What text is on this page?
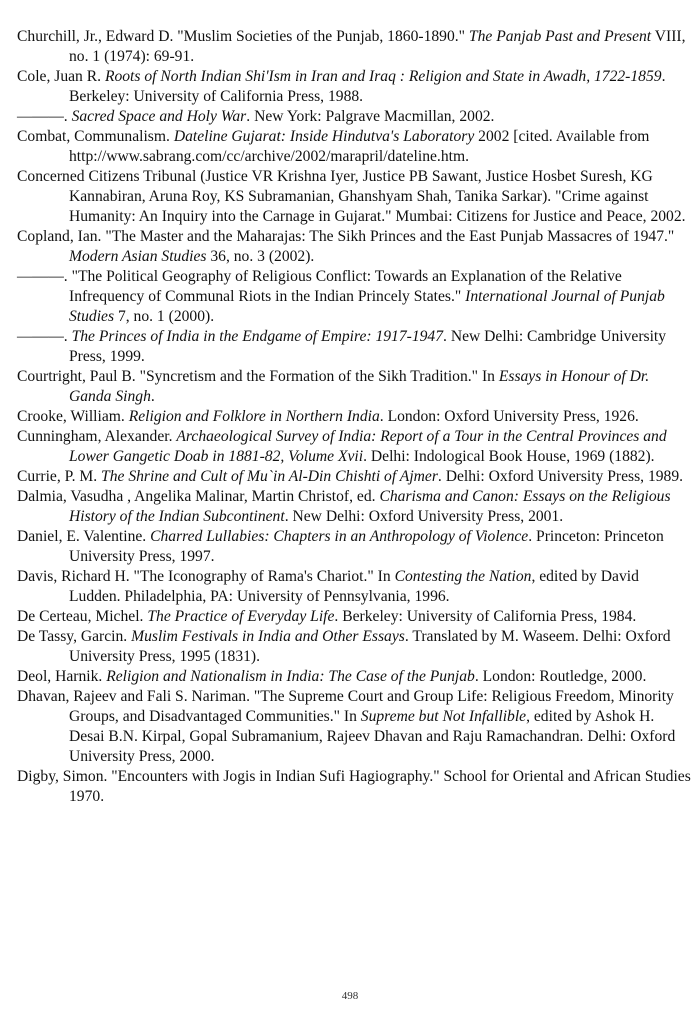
Churchill, Jr., Edward D. "Muslim Societies of the Punjab, 1860-1890." The Panjab Past and Present VIII, no. 1 (1974): 69-91.
Cole, Juan R. Roots of North Indian Shi'Ism in Iran and Iraq : Religion and State in Awadh, 1722-1859. Berkeley: University of California Press, 1988.
———. Sacred Space and Holy War. New York: Palgrave Macmillan, 2002.
Combat, Communalism. Dateline Gujarat: Inside Hindutva's Laboratory 2002 [cited. Available from http://www.sabrang.com/cc/archive/2002/marapril/dateline.htm.
Concerned Citizens Tribunal (Justice VR Krishna Iyer, Justice PB Sawant, Justice Hosbet Suresh, KG Kannabiran, Aruna Roy, KS Subramanian, Ghanshyam Shah, Tanika Sarkar). "Crime against Humanity: An Inquiry into the Carnage in Gujarat." Mumbai: Citizens for Justice and Peace, 2002.
Copland, Ian. "The Master and the Maharajas: The Sikh Princes and the East Punjab Massacres of 1947." Modern Asian Studies 36, no. 3 (2002).
———. "The Political Geography of Religious Conflict: Towards an Explanation of the Relative Infrequency of Communal Riots in the Indian Princely States." International Journal of Punjab Studies 7, no. 1 (2000).
———. The Princes of India in the Endgame of Empire: 1917-1947. New Delhi: Cambridge University Press, 1999.
Courtright, Paul B. "Syncretism and the Formation of the Sikh Tradition." In Essays in Honour of Dr. Ganda Singh.
Crooke, William. Religion and Folklore in Northern India. London: Oxford University Press, 1926.
Cunningham, Alexander. Archaeological Survey of India: Report of a Tour in the Central Provinces and Lower Gangetic Doab in 1881-82, Volume Xvii. Delhi: Indological Book House, 1969 (1882).
Currie, P. M. The Shrine and Cult of Mu`in Al-Din Chishti of Ajmer. Delhi: Oxford University Press, 1989.
Dalmia, Vasudha , Angelika Malinar, Martin Christof, ed. Charisma and Canon: Essays on the Religious History of the Indian Subcontinent. New Delhi: Oxford University Press, 2001.
Daniel, E. Valentine. Charred Lullabies: Chapters in an Anthropology of Violence. Princeton: Princeton University Press, 1997.
Davis, Richard H. "The Iconography of Rama's Chariot." In Contesting the Nation, edited by David Ludden. Philadelphia, PA: University of Pennsylvania, 1996.
De Certeau, Michel. The Practice of Everyday Life. Berkeley: University of California Press, 1984.
De Tassy, Garcin. Muslim Festivals in India and Other Essays. Translated by M. Waseem. Delhi: Oxford University Press, 1995 (1831).
Deol, Harnik. Religion and Nationalism in India: The Case of the Punjab. London: Routledge, 2000.
Dhavan, Rajeev and Fali S. Nariman. "The Supreme Court and Group Life: Religious Freedom, Minority Groups, and Disadvantaged Communities." In Supreme but Not Infallible, edited by Ashok H. Desai B.N. Kirpal, Gopal Subramanium, Rajeev Dhavan and Raju Ramachandran. Delhi: Oxford University Press, 2000.
Digby, Simon. "Encounters with Jogis in Indian Sufi Hagiography." School for Oriental and African Studies 1970.
498
